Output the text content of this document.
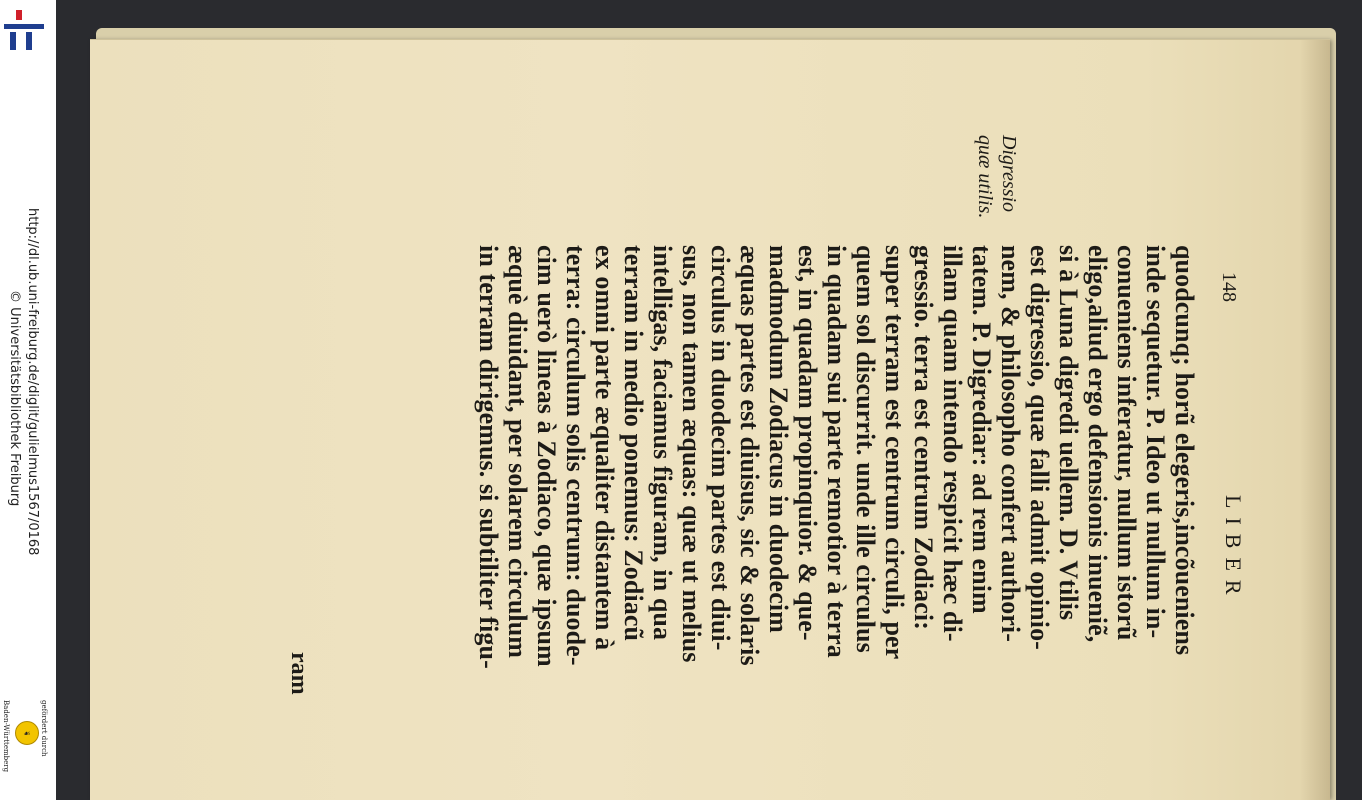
http://dl.ub.uni-freiburg.de/diglit/gulielmus1567/0168
© Universitätsbibliothek Freiburg
gefördert durch
☙
Baden-Württemberg
LIBER
148
Digressio
quæ utilis.
quodcunq; horũ elegeris,incõueniens
inde sequetur. P. Ideo ut nullum in-
conueniens inferatur, nullum istorũ
eligo,aliud ergo defensionis inueniẽ,
si à Luna digredi uellem. D. Vtilis
est digressio, quæ falli admit opinio-
nem, & philosopho confert authori-
tatem. P. Digrediar: ad rem enim
illam quam intendo respicit hæc di-
gressio. terra est centrum Zodiaci:
super terram est centrum circuli, per
quem sol discurrit. unde ille circulus
in quadam sui parte remotior à terra
est, in quadam propinquior. & que-
madmodum Zodiacus in duodecim
æquas partes est diuisus, sic & solaris
circulus in duodecim partes est diui-
sus, non tamen æquas: quæ ut melius
intelligas, faciamus figuram, in qua
terram in medio ponemus: Zodiacũ
ex omni parte æqualiter distantem à
terra: circulum solis centrum: duode-
cim uerò lineas à Zodiaco, quæ ipsum
æquè diuidant, per solarem circulum
in terram dirigemus. si subtiliter figu-
ram
